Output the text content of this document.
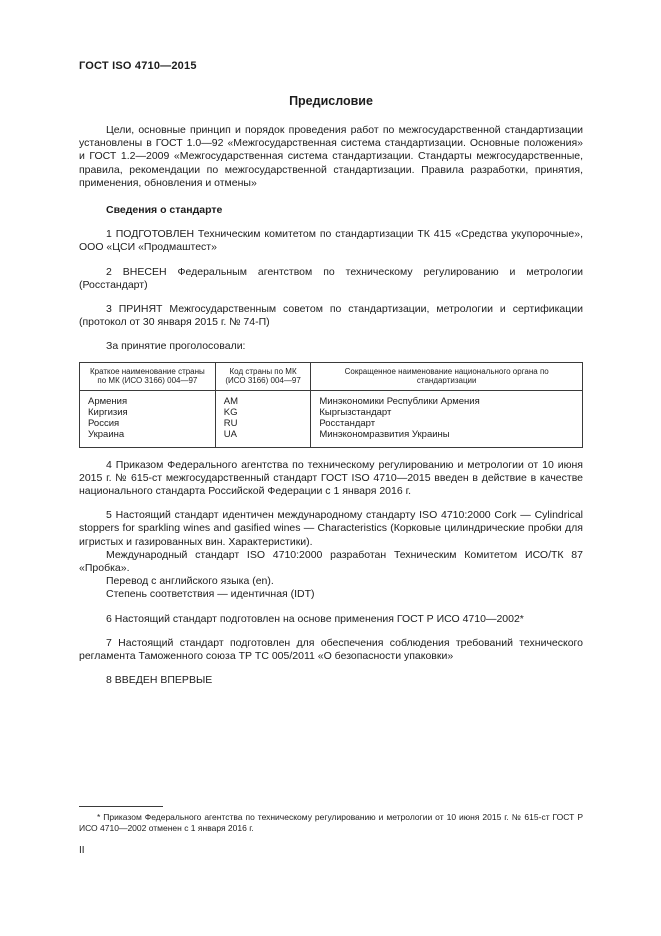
ГОСТ ISO 4710—2015
Предисловие

Цели, основные принцип и порядок проведения работ по межгосударственной стандартизации установлены в ГОСТ 1.0—92 «Межгосударственная система стандартизации. Основные положения» и ГОСТ 1.2—2009 «Межгосударственная система стандартизации. Стандарты межгосударственные, правила, рекомендации по межгосударственной стандартизации. Правила разработки, принятия, применения, обновления и отмены»

Сведения о стандарте

1 ПОДГОТОВЛЕН Техническим комитетом по стандартизации ТК 415 «Средства укупорочные», ООО «ЦСИ «Продмаштест»

2 ВНЕСЕН Федеральным агентством по техническому регулированию и метрологии (Росстандарт)

3 ПРИНЯТ Межгосударственным советом по стандартизации, метрологии и сертификации (протокол от 30 января 2015 г. № 74-П)

За принятие проголосовали:

Краткое наименование страны по МК (ИСО 3166) 004—97	Код страны по МК (ИСО 3166) 004—97	Сокращенное наименование национального органа по стандартизации
Армения	AM	Минэкономики Республики Армения
Киргизия	KG	Кыргызстандарт
Россия	RU	Росстандарт
Украина	UA	Минэкономразвития Украины

4 Приказом Федерального агентства по техническому регулированию и метрологии от 10 июня 2015 г. № 615-ст межгосударственный стандарт ГОСТ ISO 4710—2015 введен в действие в качестве национального стандарта Российской Федерации с 1 января 2016 г.

5 Настоящий стандарт идентичен международному стандарту ISO 4710:2000 Cork — Cylindrical stoppers for sparkling wines and gasified wines — Characteristics (Корковые цилиндрические пробки для игристых и газированных вин. Характеристики).

Международный стандарт ISO 4710:2000 разработан Техническим Комитетом ИСО/ТК 87 «Пробка».

Перевод с английского языка (en).

Степень соответствия — идентичная (IDT)

6 Настоящий стандарт подготовлен на основе применения ГОСТ Р ИСО 4710—2002*

7 Настоящий стандарт подготовлен для обеспечения соблюдения требований технического регламента Таможенного союза ТР ТС 005/2011 «О безопасности упаковки»

8 ВВЕДЕН ВПЕРВЫЕ

* Приказом Федерального агентства по техническому регулированию и метрологии от 10 июня 2015 г. № 615-ст ГОСТ Р ИСО 4710—2002 отменен с 1 января 2016 г.

II
